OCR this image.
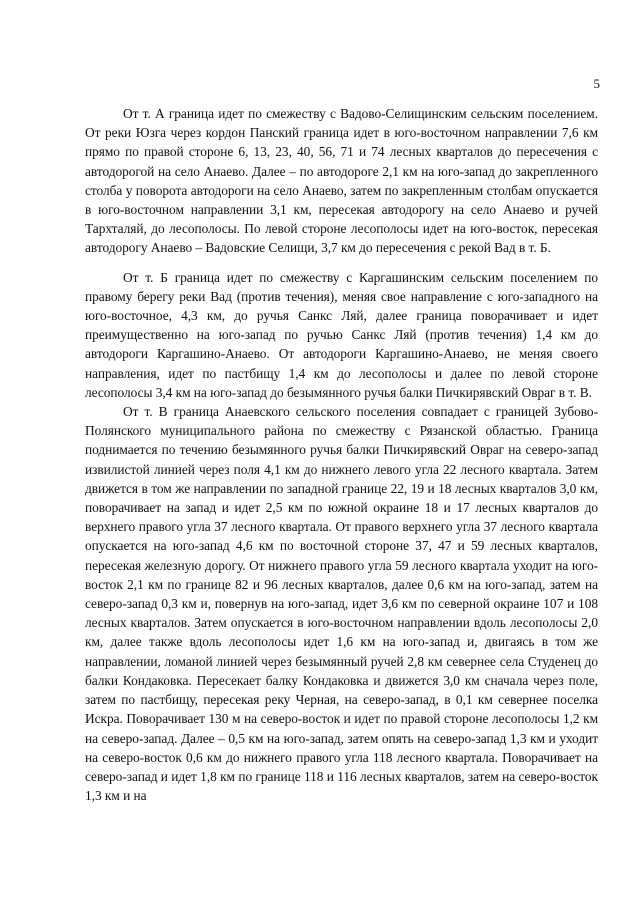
5

От т. А граница идет по смежеству с Вадово-Селищинским сельским поселением. От реки Юзга через кордон Панский граница идет в юго-восточном направлении 7,6 км прямо по правой стороне 6, 13, 23, 40, 56, 71 и 74 лесных кварталов до пересечения с автодорогой на село Анаево. Далее – по автодороге 2,1 км на юго-запад до закрепленного столба у поворота автодороги на село Анаево, затем по закрепленным столбам опускается в юго-восточном направлении 3,1 км, пересекая автодорогу на село Анаево и ручей Тархталяй, до лесополосы. По левой стороне лесополосы идет на юго-восток, пересекая автодорогу Анаево – Вадовские Селищи, 3,7 км до пересечения с рекой Вад в т. Б.

От т. Б граница идет по смежеству с Каргашинским сельским поселением по правому берегу реки Вад (против течения), меняя свое направление с юго-западного на юго-восточное, 4,3 км, до ручья Санкс Ляй, далее граница поворачивает и идет преимущественно на юго-запад по ручью Санкс Ляй (против течения) 1,4 км до автодороги Каргашино-Анаево. От автодороги Каргашино-Анаево, не меняя своего направления, идет по пастбищу 1,4 км до лесополосы и далее по левой стороне лесополосы 3,4 км на юго-запад до безымянного ручья балки Пичкирявский Овраг в т. В.

От т. В граница Анаевского сельского поселения совпадает с границей Зубово-Полянского муниципального района по смежеству с Рязанской областью. Граница поднимается по течению безымянного ручья балки Пичкирявский Овраг на северо-запад извилистой линией через поля 4,1 км до нижнего левого угла 22 лесного квартала. Затем движется в том же направлении по западной границе 22, 19 и 18 лесных кварталов 3,0 км, поворачивает на запад и идет 2,5 км по южной окраине 18 и 17 лесных кварталов до верхнего правого угла 37 лесного квартала. От правого верхнего угла 37 лесного квартала опускается на юго-запад 4,6 км по восточной стороне 37, 47 и 59 лесных кварталов, пересекая железную дорогу. От нижнего правого угла 59 лесного квартала уходит на юго-восток 2,1 км по границе 82 и 96 лесных кварталов, далее 0,6 км на юго-запад, затем на северо-запад 0,3 км и, повернув на юго-запад, идет 3,6 км по северной окраине 107 и 108 лесных кварталов. Затем опускается в юго-восточном направлении вдоль лесополосы 2,0 км, далее также вдоль лесополосы идет 1,6 км на юго-запад и, двигаясь в том же направлении, ломаной линией через безымянный ручей 2,8 км севернее села Студенец до балки Кондаковка. Пересекает балку Кондаковка и движется 3,0 км сначала через поле, затем по пастбищу, пересекая реку Черная, на северо-запад, в 0,1 км севернее поселка Искра. Поворачивает 130 м на северо-восток и идет по правой стороне лесополосы 1,2 км на северо-запад. Далее – 0,5 км на юго-запад, затем опять на северо-запад 1,3 км и уходит на северо-восток 0,6 км до нижнего правого угла 118 лесного квартала. Поворачивает на северо-запад и идет 1,8 км по границе 118 и 116 лесных кварталов, затем на северо-восток 1,3 км и на
